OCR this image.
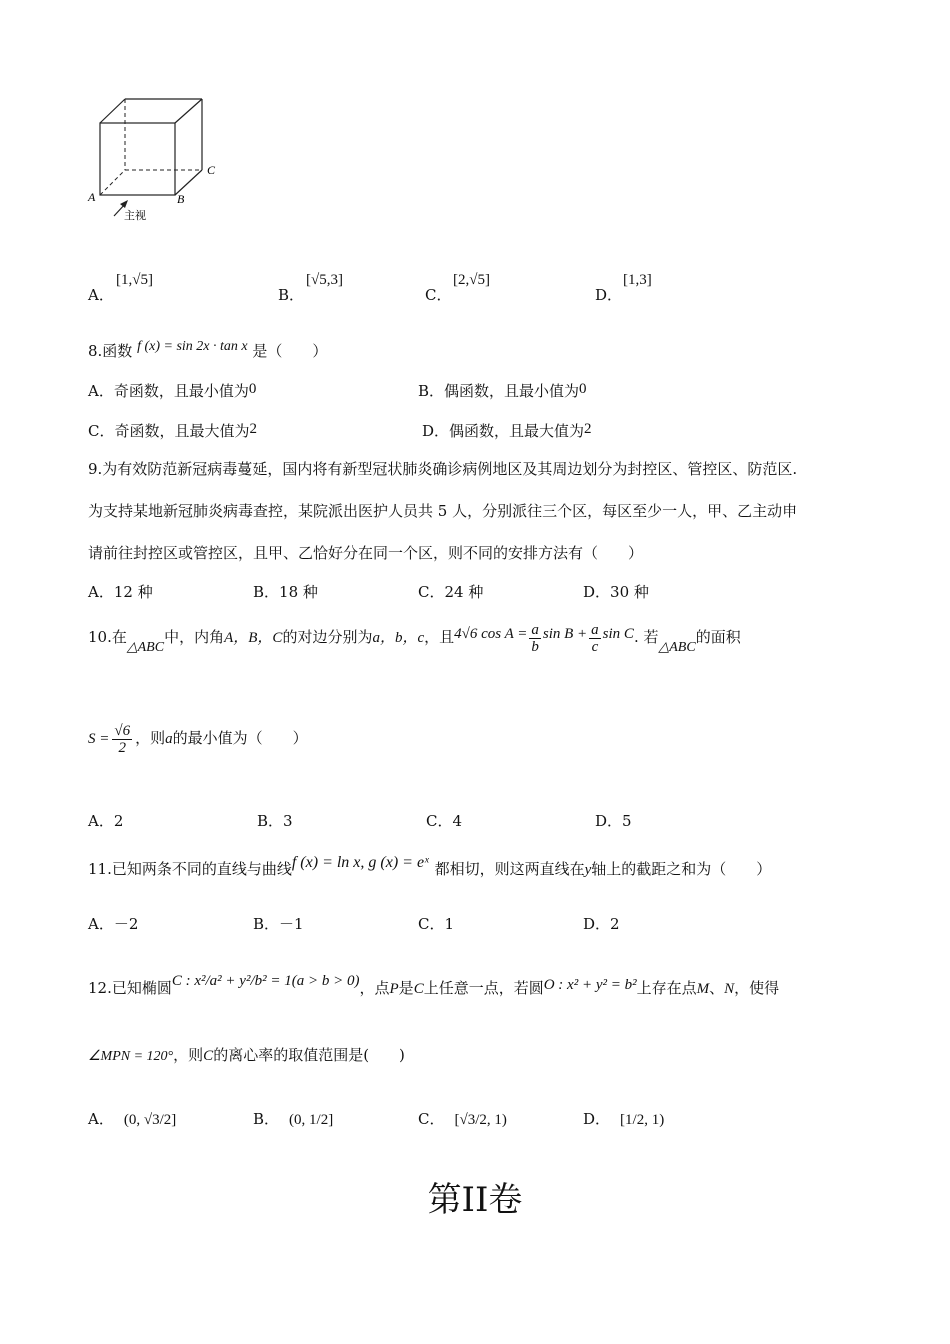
A	B
C
主视
A．
[1,√5]
B．
[√5,3]
C．
[2,√5]
D．
[1,3]
8.函数 f (x) = sin 2x · tan x 是（　　）
A．奇函数，且最小值为0	B．偶函数，且最小值为0
C．奇函数，且最大值为2	D．偶函数，且最大值为2
9.为有效防范新冠病毒蔓延，国内将有新型冠状肺炎确诊病例地区及其周边划分为封控区、管控区、防范区.
为支持某地新冠肺炎病毒查控，某院派出医护人员共 5 人，分别派往三个区，每区至少一人，甲、乙主动申
请前往封控区或管控区，且甲、乙恰好分在同一个区，则不同的安排方法有（　　）
A．12 种	B．18 种	C．24 种	D．30 种
10.在△ABC中，内角A，B，C的对边分别为a，b，c，且4√6 $\cos A = \frac{a}{b}$ $\sin B + \frac{a}{c}$ sin C. 若△ABC的面积
$S = \frac{√6}{2}$ ，则a的最小值为（　　）
A．2	B．3	C．4	D．5
11.已知两条不同的直线与曲线f (x) = ln x, g (x) = eˣ 都相切，则这两直线在y轴上的截距之和为（　　）
A．－2	B．－1	C．1	D．2
12.已知椭圆C : x²/a² + y²/b² = 1(a > b > 0)，点P是C上任意一点，若圆O : x² + y² = b²上存在点M、N，使得
∠MPN = 120°，则C的离心率的取值范围是(　　)
A． (0, √3/2]	B． (0, 1/2]	C． [√3/2, 1)	D． [1/2, 1)
第II卷
